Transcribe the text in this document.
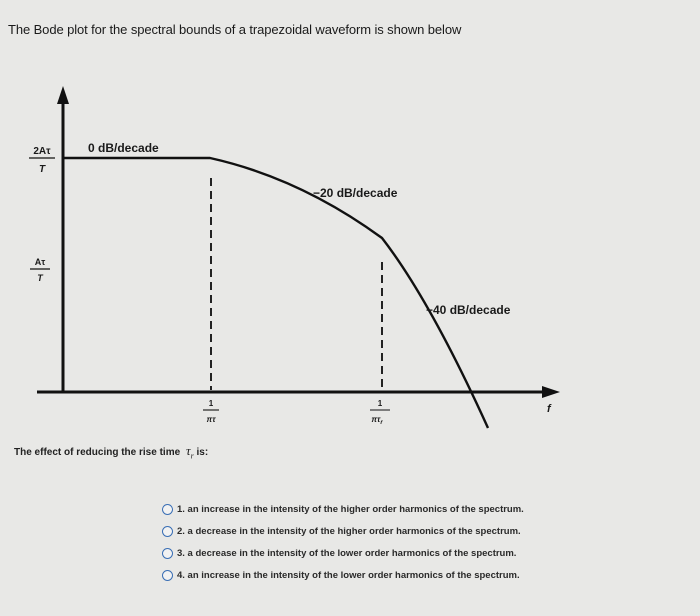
The Bode plot for the spectral bounds of a trapezoidal waveform is shown below
2Aτ
T
Aτ
T
0 dB/decade
−20 dB/decade
−40 dB/decade
1
πτ
1
$\pi\tau_r$
f
The effect of reducing the rise time $\tau_r$ is:
1. an increase in the intensity of the higher order harmonics of the spectrum.
2. a decrease in the intensity of the higher order harmonics of the spectrum.
3. a decrease in the intensity of the lower order harmonics of the spectrum.
4. an increase in the intensity of the lower order harmonics of the spectrum.
